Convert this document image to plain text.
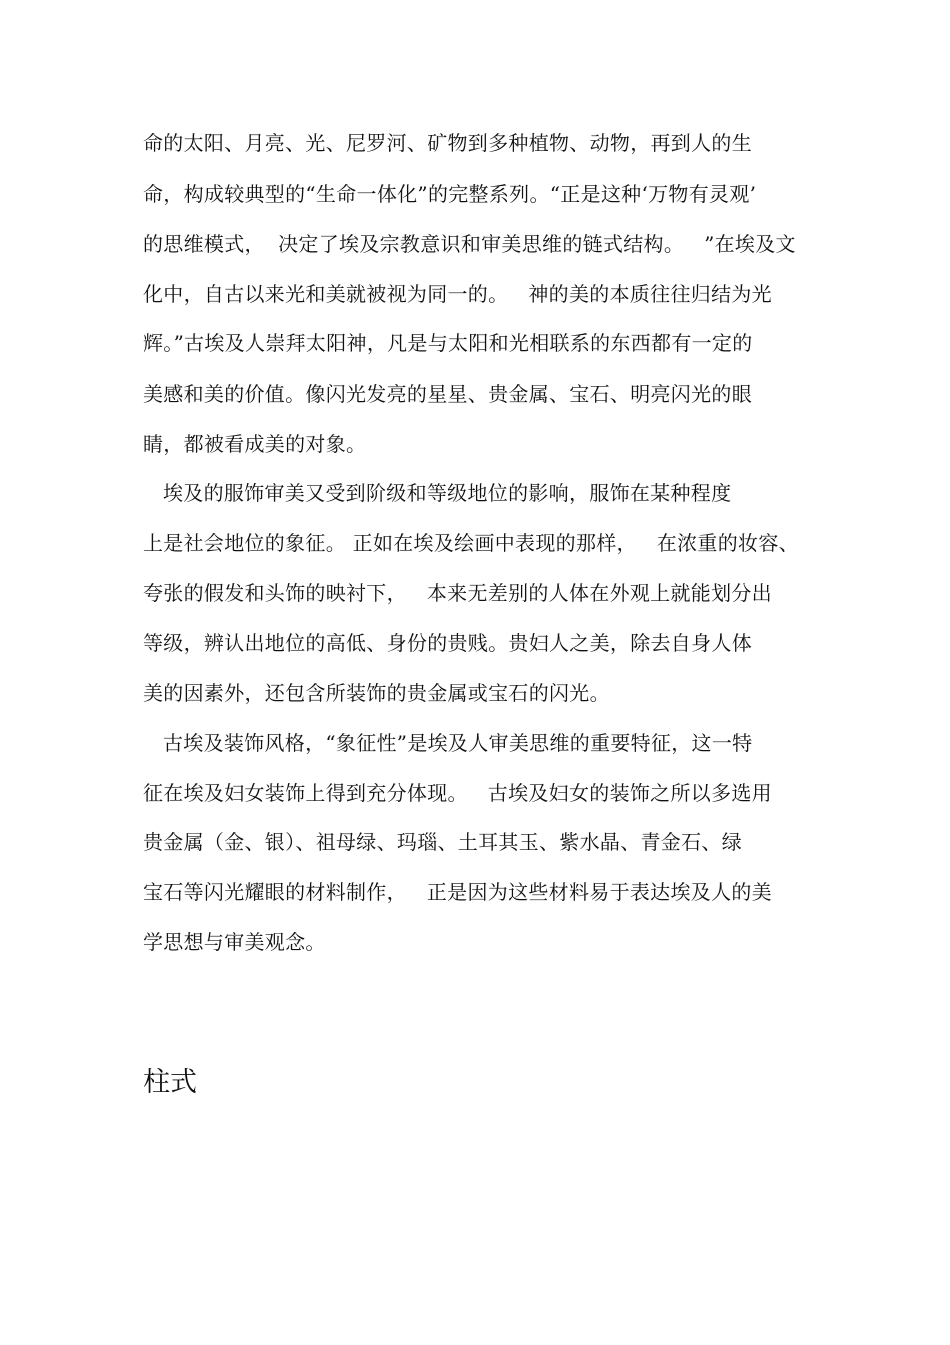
命的太阳、月亮、光、尼罗河、矿物到多种植物、动物，再到人的生
命，构成较典型的“生命一体化”的完整系列。“正是这种‘万物有灵观’
的思维模式，  决定了埃及宗教意识和审美思维的链式结构。   ”在埃及文
化中，自古以来光和美就被视为同一的。   神的美的本质往往归结为光
辉。”古埃及人崇拜太阳神，凡是与太阳和光相联系的东西都有一定的
美感和美的价值。像闪光发亮的星星、贵金属、宝石、明亮闪光的眼
睛，都被看成美的对象。
埃及的服饰审美又受到阶级和等级地位的影响，服饰在某种程度
上是社会地位的象征。 正如在埃及绘画中表现的那样，   在浓重的妆容、
夸张的假发和头饰的映衬下，   本来无差别的人体在外观上就能划分出
等级，辨认出地位的高低、身份的贵贱。贵妇人之美，除去自身人体
美的因素外，还包含所装饰的贵金属或宝石的闪光。
古埃及装饰风格，“象征性”是埃及人审美思维的重要特征，这一特
征在埃及妇女装饰上得到充分体现。   古埃及妇女的装饰之所以多选用
贵金属（金、银）、祖母绿、玛瑙、土耳其玉、紫水晶、青金石、绿
宝石等闪光耀眼的材料制作，   正是因为这些材料易于表达埃及人的美
学思想与审美观念。
柱式
